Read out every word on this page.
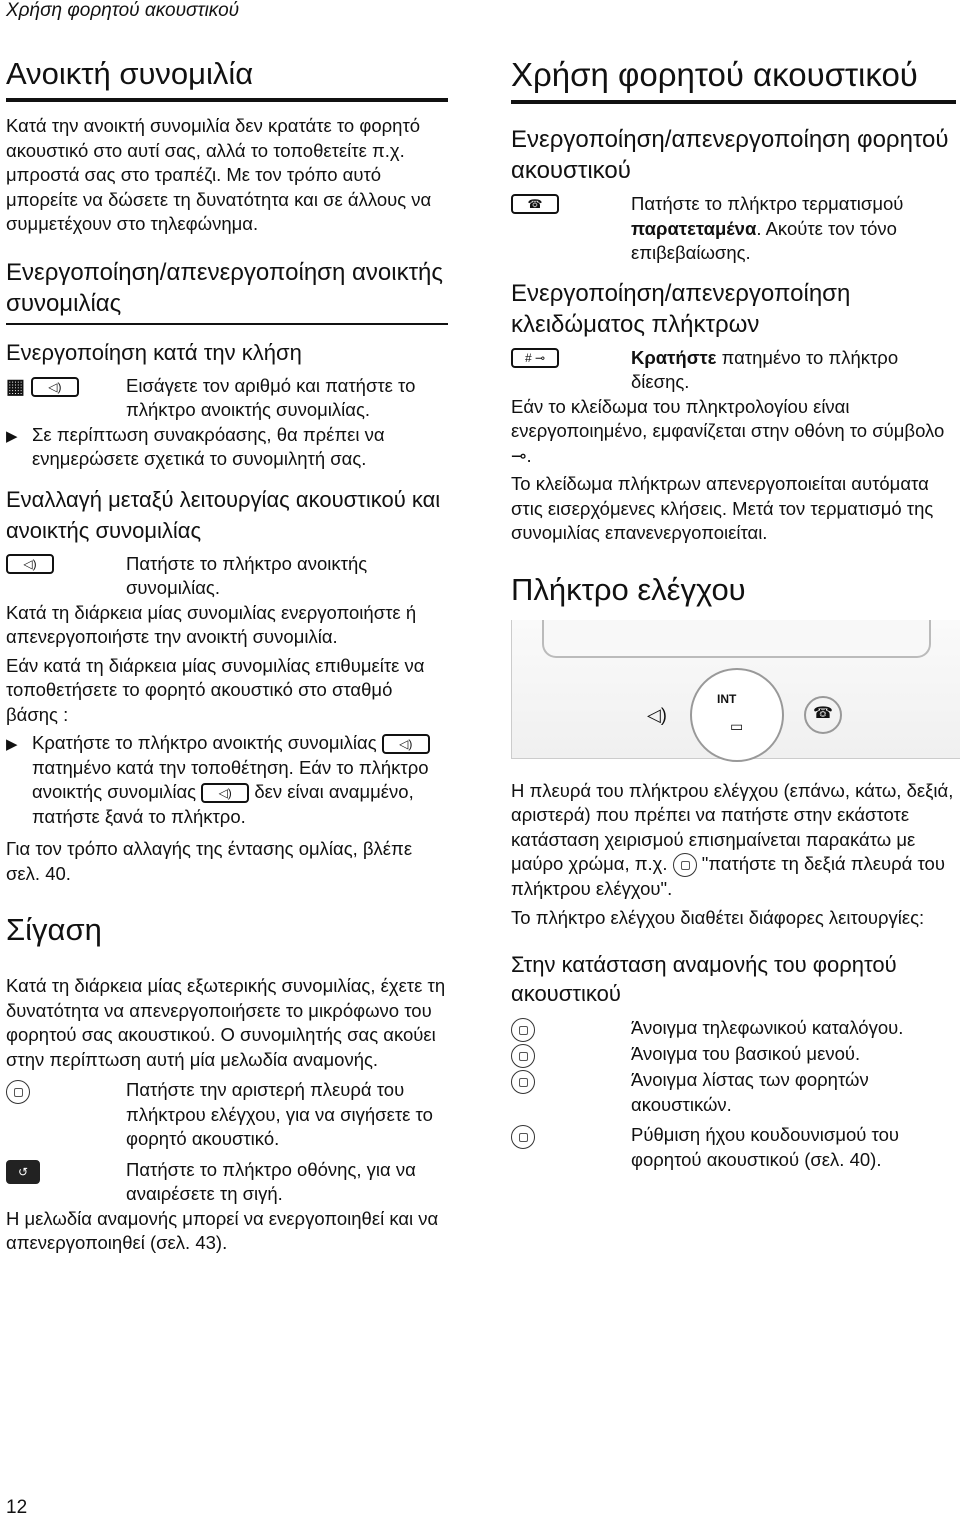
Χρήση φορητού ακουστικού
Ανοικτή συνομιλία

Κατά την ανοικτή συνομιλία δεν κρατάτε το φορητό ακουστικό στο αυτί σας, αλλά το τοποθετείτε π.χ. μπροστά σας στο τραπέζι. Με τον τρόπο αυτό μπορείτε να δώσετε τη δυνατότητα και σε άλλους να συμμετέχουν στο τηλεφώνημα.

Ενεργοποίηση/απενεργοποίηση ανοικτής συνομιλίας
Ενεργοποίηση κατά την κλήση
▦	◁)	Εισάγετε τον αριθμό και πατήστε το πλήκτρο ανοικτής συνομιλίας.
▶ Σε περίπτωση συνακρόασης, θα πρέπει να ενημερώσετε σχετικά το συνομιλητή σας.
Εναλλαγή μεταξύ λειτουργίας ακουστικού και ανοικτής συνομιλίας
◁)	Πατήστε το πλήκτρο ανοικτής συνομιλίας.

Κατά τη διάρκεια μίας συνομιλίας ενεργοποιήστε ή απενεργοποιήστε την ανοικτή συνομιλία.

Εάν κατά τη διάρκεια μίας συνομιλίας επιθυμείτε να τοποθετήσετε το φορητό ακουστικό στο σταθμό βάσης :

▶ Κρατήστε το πλήκτρο ανοικτής συνομιλίας ◁) πατημένο κατά την τοποθέτηση. Εάν το πλήκτρο ανοικτής συνομιλίας ◁) δεν είναι αναμμένο, πατήστε ξανά το πλήκτρο.

Για τον τρόπο αλλαγής της έντασης ομλίας, βλέπε σελ. 40.

Σίγαση

Κατά τη διάρκεια μίας εξωτερικής συνομιλίας, έχετε τη δυνατότητα να απενεργοποιήσετε το μικρόφωνο του φορητού σας ακουστικού. Ο συνομιλητής σας ακούει στην περίπτωση αυτή μία μελωδία αναμονής.

Πατήστε την αριστερή πλευρά του πλήκτρου ελέγχου, για να σιγήσετε το φορητό ακουστικό.
↺	Πατήστε το πλήκτρο οθόνης, για να αναιρέσετε τη σιγή.

Η μελωδία αναμονής μπορεί να ενεργοποιηθεί και να απενεργοποιηθεί (σελ. 43).

Χρήση φορητού ακουστικού
Ενεργοποίηση/απενεργοποίηση φορητού ακουστικού
☎	Πατήστε το πλήκτρο τερματισμού παρατεταμένα. Ακούτε τον τόνο επιβεβαίωσης.
Ενεργοποίηση/απενεργοποίηση κλειδώματος πλήκτρων
# ⊸	Κρατήστε πατημένο το πλήκτρο δίεσης.

Εάν το κλείδωμα του πληκτρολογίου είναι ενεργοποιημένο, εμφανίζεται στην οθόνη το σύμβολο ⊸.

Το κλείδωμα πλήκτρων απενεργοποιείται αυτόματα στις εισερχόμενες κλήσεις. Μετά τον τερματισμό της συνομιλίας επανενεργοποιείται.

Πλήκτρο ελέγχου
◁)
INT
▭
☎

Η πλευρά του πλήκτρου ελέγχου (επάνω, κάτω, δεξιά, αριστερά) που πρέπει να πατήστε στην εκάστοτε κατάσταση χειρισμού επισημαίνεται παρακάτω με μαύρο χρώμα, π.χ. "πατήστε τη δεξιά πλευρά του πλήκτρου ελέγχου".

Το πλήκτρο ελέγχου διαθέτει διάφορες λειτουργίες:

Στην κατάσταση αναμονής του φορητού ακουστικού
Άνοιγμα τηλεφωνικού καταλόγου.
Άνοιγμα του βασικού μενού.
Άνοιγμα λίστας των φορητών ακουστικών.
Ρύθμιση ήχου κουδουνισμού του φορητού ακουστικού (σελ. 40).
12
